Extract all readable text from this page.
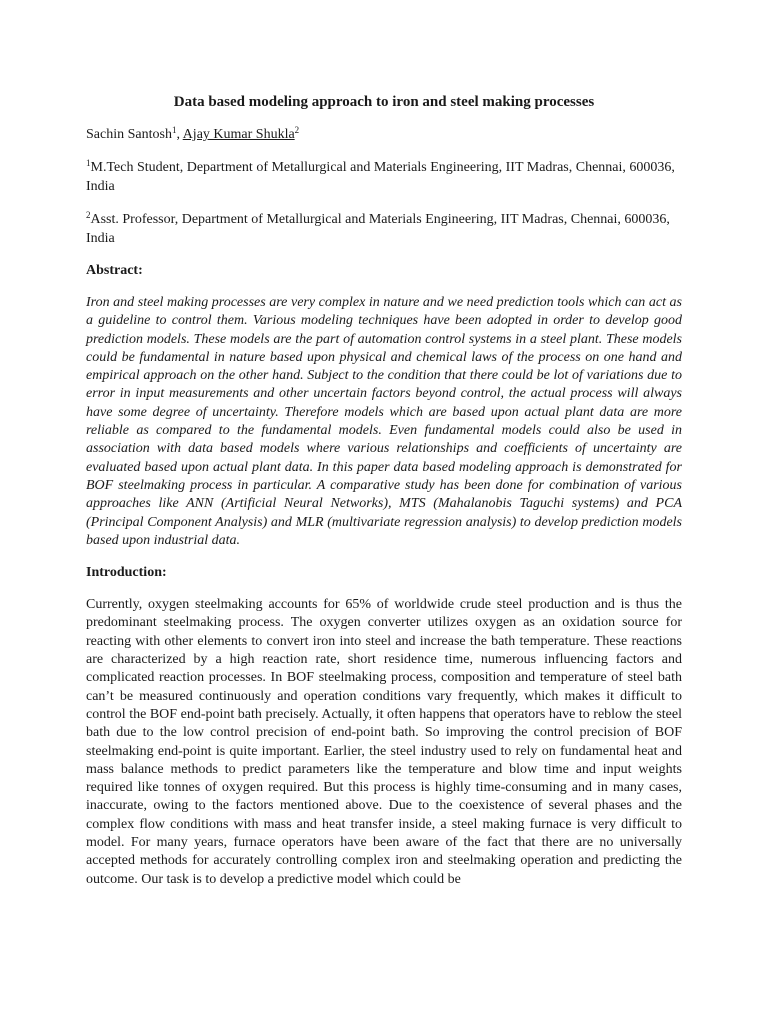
Data based modeling approach to iron and steel making processes

Sachin Santosh$^1$, Ajay Kumar Shukla$^2$

$^1$M.Tech Student, Department of Metallurgical and Materials Engineering, IIT Madras, Chennai, 600036, India

$^2$Asst. Professor, Department of Metallurgical and Materials Engineering, IIT Madras, Chennai, 600036, India

Abstract:

Iron and steel making processes are very complex in nature and we need prediction tools which can act as a guideline to control them. Various modeling techniques have been adopted in order to develop good prediction models. These models are the part of automation control systems in a steel plant. These models could be fundamental in nature based upon physical and chemical laws of the process on one hand and empirical approach on the other hand. Subject to the condition that there could be lot of variations due to error in input measurements and other uncertain factors beyond control, the actual process will always have some degree of uncertainty. Therefore models which are based upon actual plant data are more reliable as compared to the fundamental models. Even fundamental models could also be used in association with data based models where various relationships and coefficients of uncertainty are evaluated based upon actual plant data. In this paper data based modeling approach is demonstrated for BOF steelmaking process in particular. A comparative study has been done for combination of various approaches like ANN (Artificial Neural Networks), MTS (Mahalanobis Taguchi systems) and PCA (Principal Component Analysis) and MLR (multivariate regression analysis) to develop prediction models based upon industrial data.

Introduction:

Currently, oxygen steelmaking accounts for 65% of worldwide crude steel production and is thus the predominant steelmaking process. The oxygen converter utilizes oxygen as an oxidation source for reacting with other elements to convert iron into steel and increase the bath temperature. These reactions are characterized by a high reaction rate, short residence time, numerous influencing factors and complicated reaction processes. In BOF steelmaking process, composition and temperature of steel bath can’t be measured continuously and operation conditions vary frequently, which makes it difficult to control the BOF end-point bath precisely. Actually, it often happens that operators have to reblow the steel bath due to the low control precision of end-point bath. So improving the control precision of BOF steelmaking end-point is quite important. Earlier, the steel industry used to rely on fundamental heat and mass balance methods to predict parameters like the temperature and blow time and input weights required like tonnes of oxygen required. But this process is highly time-consuming and in many cases, inaccurate, owing to the factors mentioned above. Due to the coexistence of several phases and the complex flow conditions with mass and heat transfer inside, a steel making furnace is very difficult to model. For many years, furnace operators have been aware of the fact that there are no universally accepted methods for accurately controlling complex iron and steelmaking operation and predicting the outcome. Our task is to develop a predictive model which could be
